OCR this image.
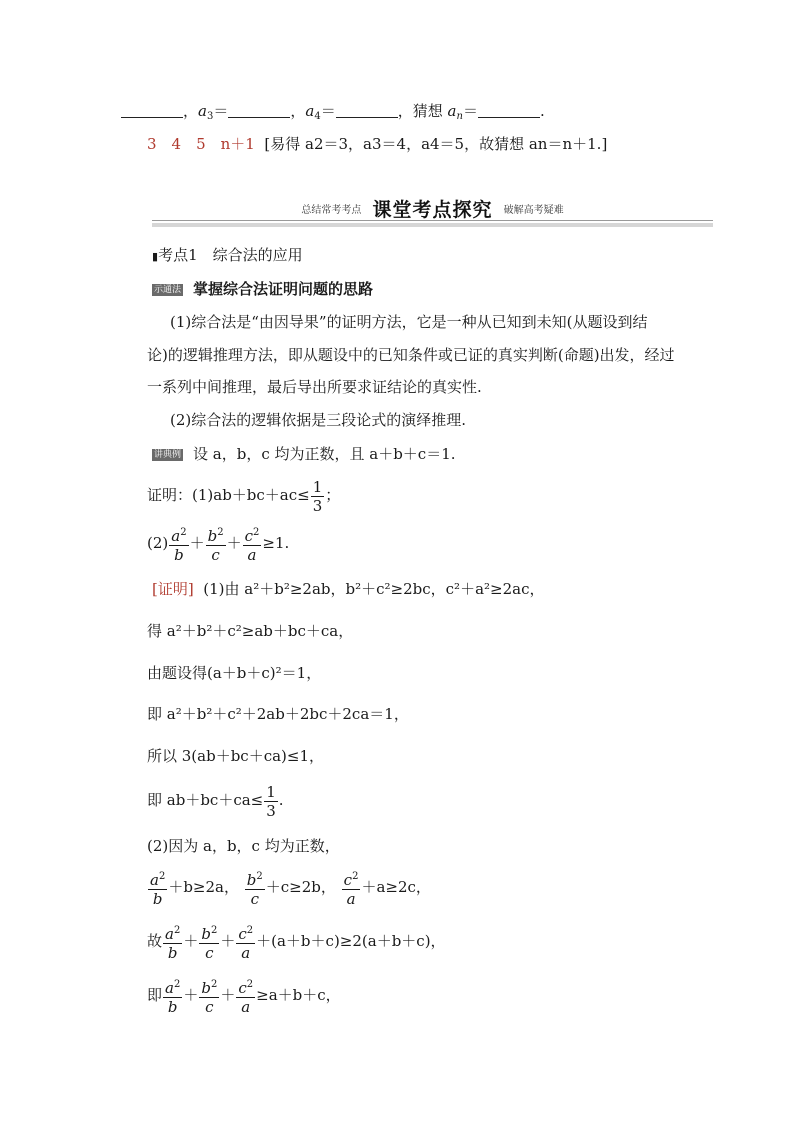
，$a_3=$	，$a_4=$	，猜想 $a_n=$	.
3　4　5　n＋1 [易得 a2＝3，a3＝4，a4＝5，故猜想 an＝n＋1.]
总结常考考点 课堂考点探究 破解高考疑难
▮考点1　综合法的应用
示通法 掌握综合法证明问题的思路
(1)综合法是“由因导果”的证明方法，它是一种从已知到未知(从题设到结
论)的逻辑推理方法，即从题设中的已知条件或已证的真实判断(命题)出发，经过
一系列中间推理，最后导出所要求证结论的真实性.
(2)综合法的逻辑依据是三段论式的演绎推理.
讲典例 设 a，b，c 均为正数，且 a＋b＋c＝1.
证明：$(1)ab+bc+ac\le \frac{1}{3}$ ；
$(2) \frac{a^2}{b} + \frac{b^2}{c} + \frac{c^2}{a} \ge 1$.
[证明] (1)由 a²＋b²≥2ab，b²＋c²≥2bc，c²＋a²≥2ac，
得 a²＋b²＋c²≥ab＋bc＋ca，
由题设得(a＋b＋c)²＝1，
即 a²＋b²＋c²＋2ab＋2bc＋2ca＝1，
所以 3(ab＋bc＋ca)≤1，
即 $ab+bc+ca\le \frac{1}{3}$ .
(2)因为 a，b，c 均为正数，
$\frac{a^2}{b} +b\ge 2a$， $\frac{b^2}{c} +c\ge 2b$， $\frac{c^2}{a} +a\ge 2c$，
故 $\frac{a^2}{b} + \frac{b^2}{c} + \frac{c^2}{a} +(a+b+c)\ge 2(a+b+c)$，
即 $\frac{a^2}{b} + \frac{b^2}{c} + \frac{c^2}{a} \ge a+b+c$，
